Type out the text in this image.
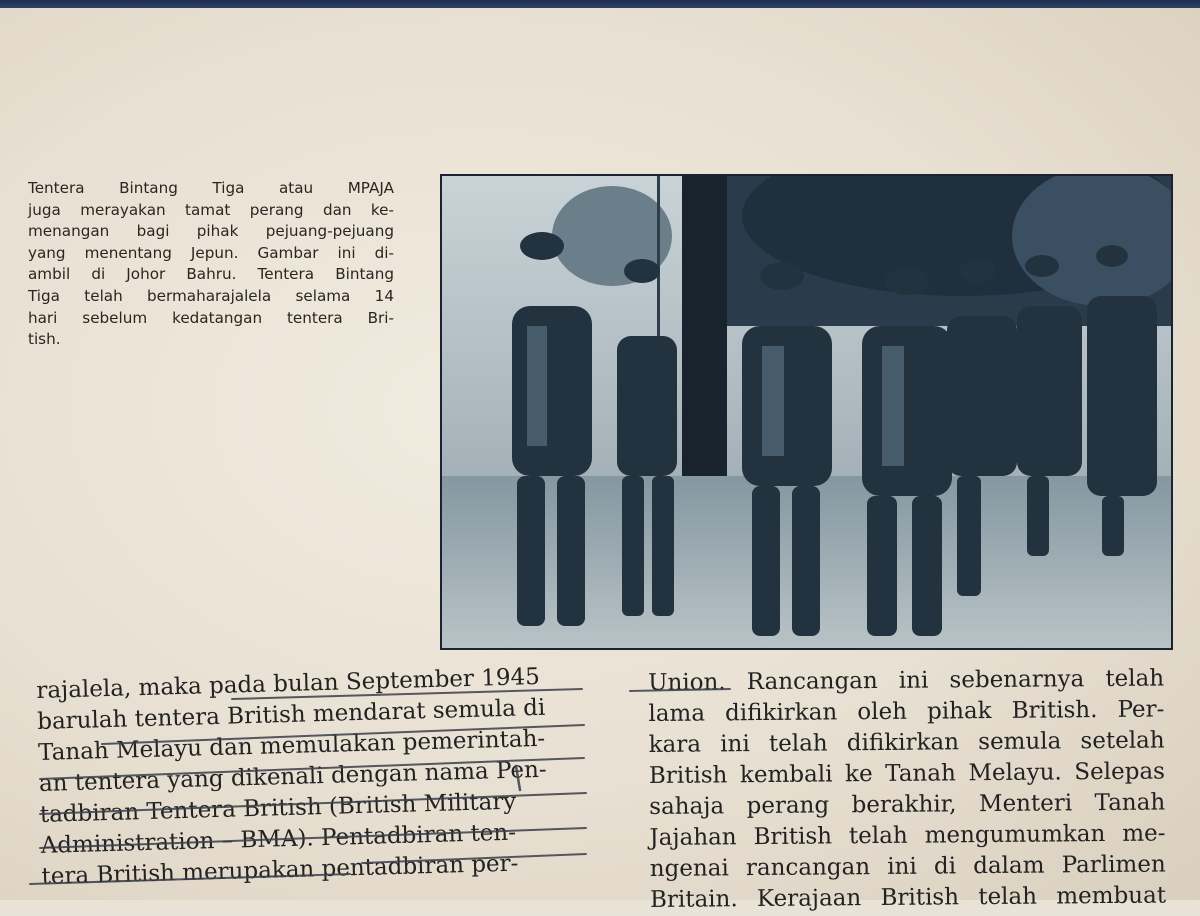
Tentera Bintang Tiga atau MPAJA
juga merayakan tamat perang dan ke-
menangan bagi pihak pejuang-pejuang
yang menentang Jepun. Gambar ini di-
ambil di Johor Bahru. Tentera Bintang
Tiga telah bermaharajalela selama 14
hari sebelum kedatangan tentera Bri-
tish.

rajalela, maka pada bulan September 1945
barulah tentera British mendarat semula di
Tanah Melayu dan memulakan pemerintah-
an tentera yang dikenali dengan nama Pen-
tadbiran Tentera British (British Military
Administration – BMA). Pentadbiran ten-
tera British merupakan pentadbiran per-
Union. Rancangan ini sebenarnya telah
lama difikirkan oleh pihak British. Per-
kara ini telah difikirkan semula setelah
British kembali ke Tanah Melayu. Selepas
sahaja perang berakhir, Menteri Tanah
Jajahan British telah mengumumkan me-
ngenai rancangan ini di dalam Parlimen
Britain. Kerajaan British telah membuat
